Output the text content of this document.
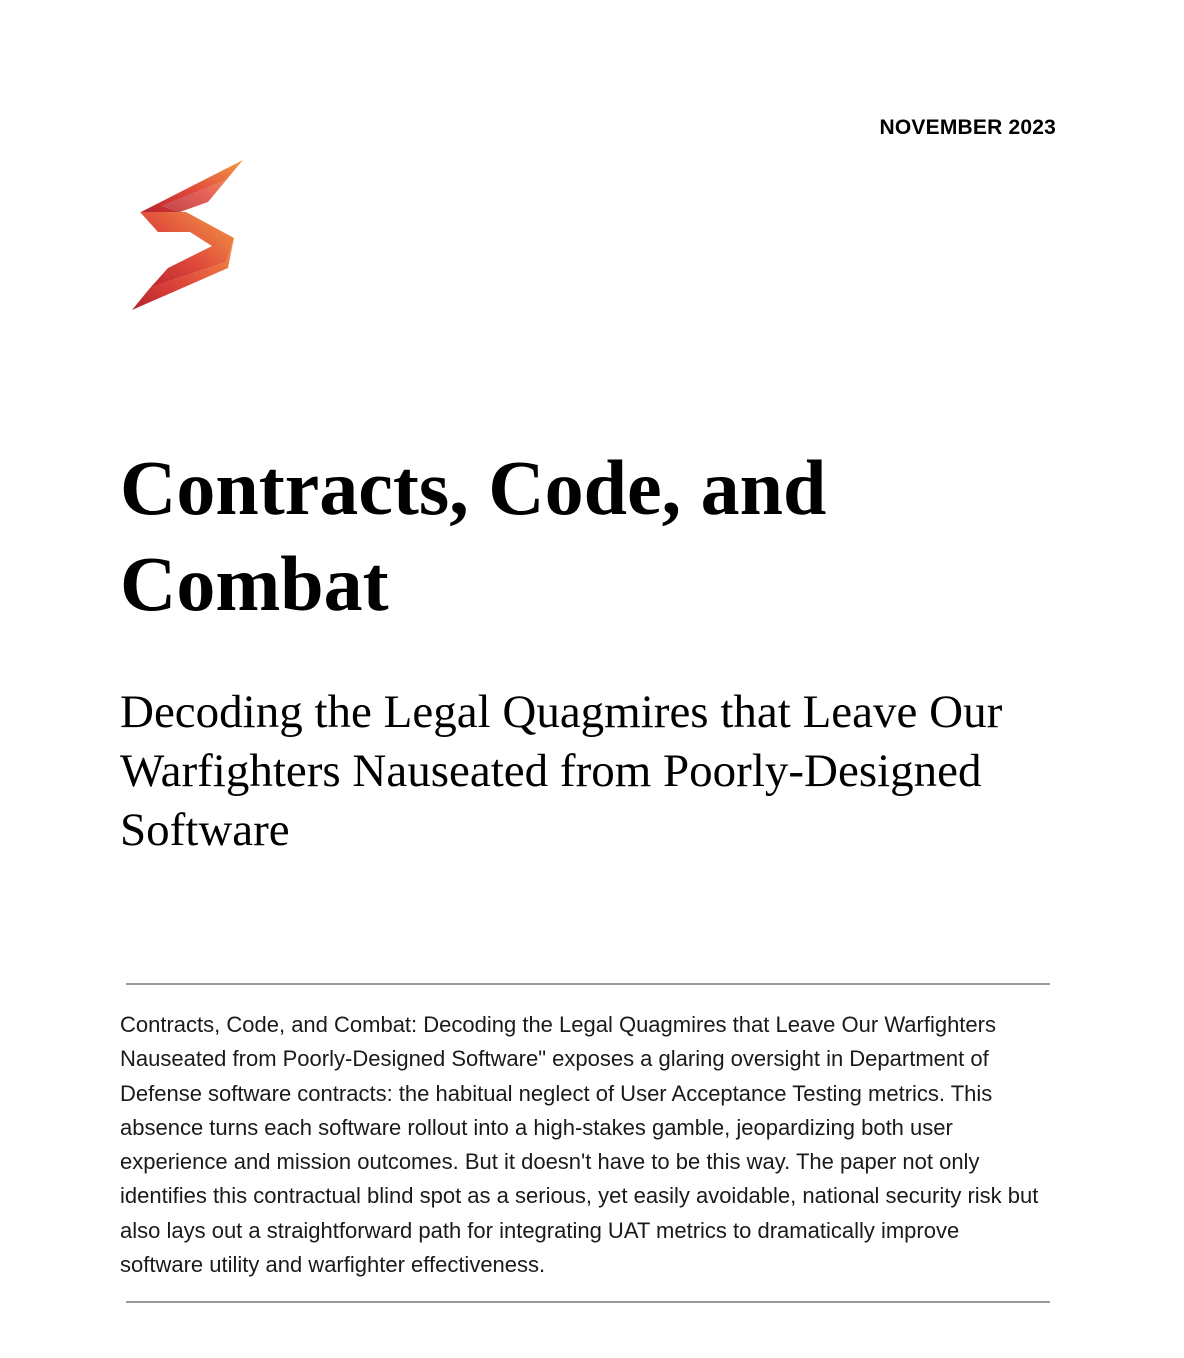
NOVEMBER 2023
Contracts, Code, and Combat
Decoding the Legal Quagmires that Leave Our Warfighters Nauseated from Poorly-Designed Software

Contracts, Code, and Combat: Decoding the Legal Quagmires that Leave Our Warfighters Nauseated from Poorly-Designed Software" exposes a glaring oversight in Department of Defense software contracts: the habitual neglect of User Acceptance Testing metrics. This absence turns each software rollout into a high-stakes gamble, jeopardizing both user experience and mission outcomes. But it doesn't have to be this way. The paper not only identifies this contractual blind spot as a serious, yet easily avoidable, national security risk but also lays out a straightforward path for integrating UAT metrics to dramatically improve software utility and warfighter effectiveness.
